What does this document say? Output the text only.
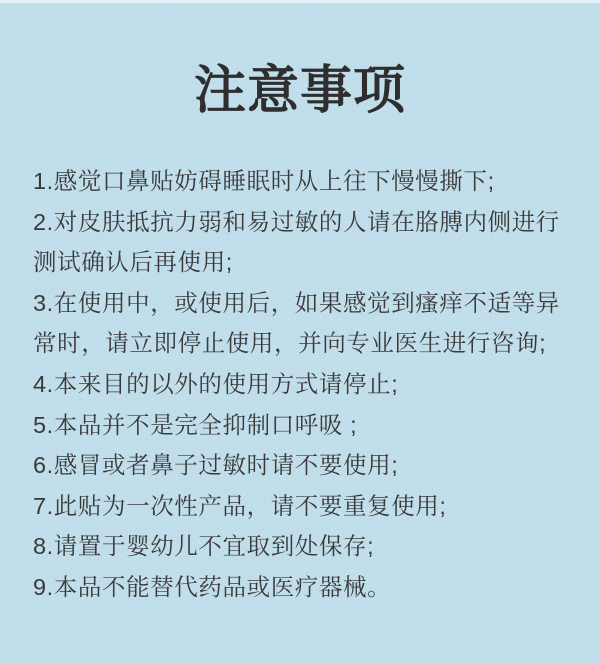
注意事项
1.感觉口鼻贴妨碍睡眠时从上往下慢慢撕下;
2.对皮肤抵抗力弱和易过敏的人请在胳膊内侧进行
测试确认后再使用;
3.在使用中，或使用后，如果感觉到瘙痒不适等异
常时，请立即停止使用，并向专业医生进行咨询;
4.本来目的以外的使用方式请停止;
5.本品并不是完全抑制口呼吸 ;
6.感冒或者鼻子过敏时请不要使用;
7.此贴为一次性产品，请不要重复使用;
8.请置于婴幼儿不宜取到处保存;
9.本品不能替代药品或医疗器械。
